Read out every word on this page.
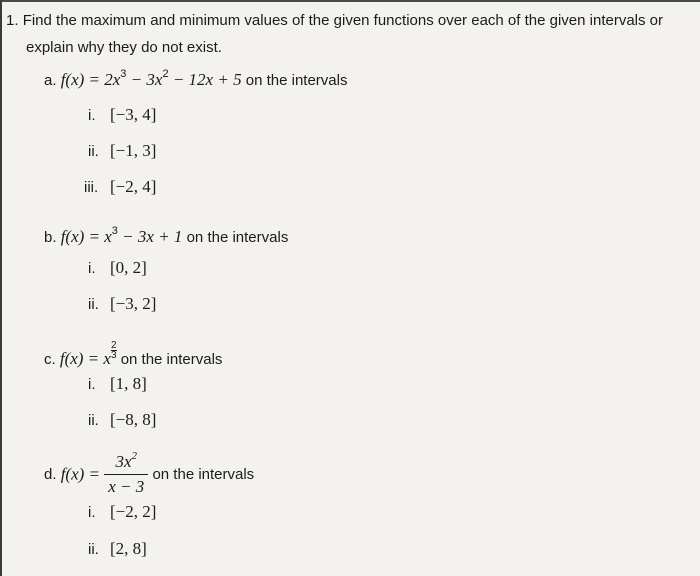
1. Find the maximum and minimum values of the given functions over each of the given intervals or
explain why they do not exist.
a. $f(x) = 2x^3 - 3x^2 - 12x + 5$ on the intervals
i. [−3, 4]
ii. [−1, 3]
iii. [−2, 4]
b. $f(x) = x^3 - 3x + 1$ on the intervals
i. [0, 2]
ii. [−3, 2]
c. f(x) = x $\frac{2}{3}$ on the intervals
i. [1, 8]
ii. [−8, 8]
d. $f(x) = \frac{3x^2}{x - 3}$ on the intervals
i. [−2, 2]
ii. [2, 8]
